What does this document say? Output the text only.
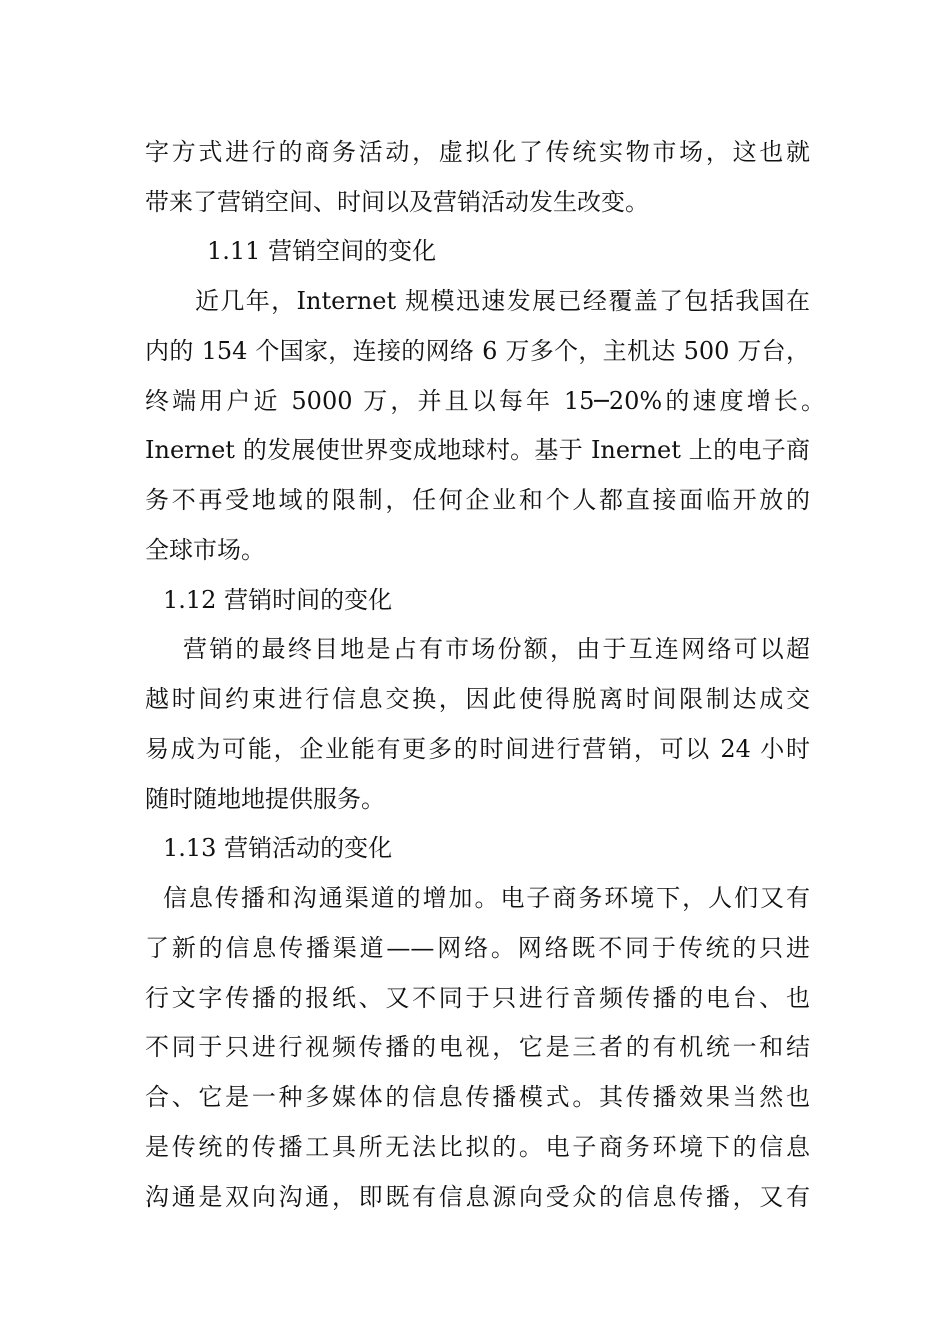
字方式进行的商务活动，虚拟化了传统实物市场，这也就

带来了营销空间、时间以及营销活动发生改变。

1.11 营销空间的变化

近几年，Internet 规模迅速发展已经覆盖了包括我国在

内的 154 个国家，连接的网络 6 万多个，主机达 500 万台，

终端用户近 5000 万，并且以每年 15─20%的速度增长。

Inernet 的发展使世界变成地球村。基于 Inernet 上的电子商

务不再受地域的限制，任何企业和个人都直接面临开放的

全球市场。

1.12 营销时间的变化

营销的最终目地是占有市场份额，由于互连网络可以超

越时间约束进行信息交换，因此使得脱离时间限制达成交

易成为可能，企业能有更多的时间进行营销，可以 24 小时

随时随地地提供服务。

1.13 营销活动的变化

信息传播和沟通渠道的增加。电子商务环境下，人们又有

了新的信息传播渠道——网络。网络既不同于传统的只进

行文字传播的报纸、又不同于只进行音频传播的电台、也

不同于只进行视频传播的电视，它是三者的有机统一和结

合、它是一种多媒体的信息传播模式。其传播效果当然也

是传统的传播工具所无法比拟的。电子商务环境下的信息

沟通是双向沟通，即既有信息源向受众的信息传播，又有
